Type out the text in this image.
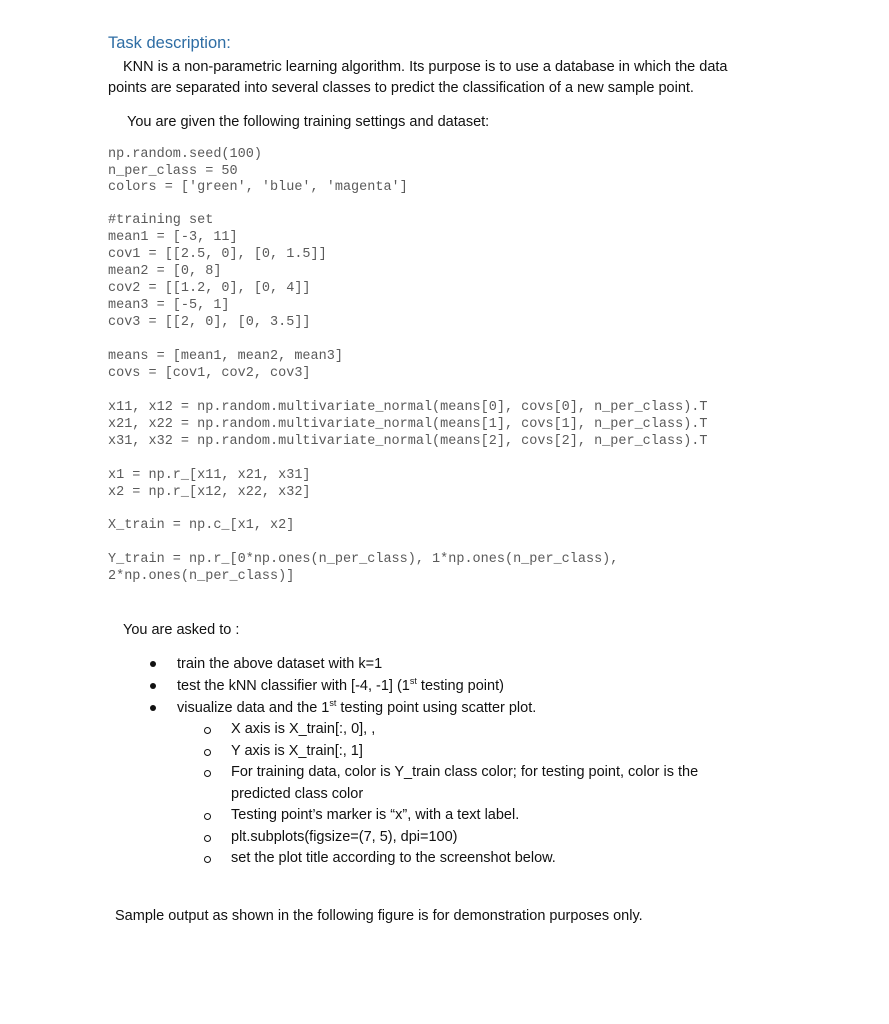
Task description:
KNN is a non-parametric learning algorithm. Its purpose is to use a database in which the data
points are separated into several classes to predict the classification of a new sample point.
You are given the following training settings and dataset:
np.random.seed(100)
n_per_class = 50
colors = ['green', 'blue', 'magenta']
#training set
mean1 = [-3, 11]
cov1 = [[2.5, 0], [0, 1.5]]
mean2 = [0, 8]
cov2 = [[1.2, 0], [0, 4]]
mean3 = [-5, 1]
cov3 = [[2, 0], [0, 3.5]]
means = [mean1, mean2, mean3]
covs = [cov1, cov2, cov3]
x11, x12 = np.random.multivariate_normal(means[0], covs[0], n_per_class).T
x21, x22 = np.random.multivariate_normal(means[1], covs[1], n_per_class).T
x31, x32 = np.random.multivariate_normal(means[2], covs[2], n_per_class).T
x1 = np.r_[x11, x21, x31]
x2 = np.r_[x12, x22, x32]
X_train = np.c_[x1, x2]
Y_train = np.r_[0*np.ones(n_per_class), 1*np.ones(n_per_class),
2*np.ones(n_per_class)]
You are asked to :
train the above dataset with k=1
test the kNN classifier with [-4, -1] (1st testing point)
visualize data and the 1st testing point using scatter plot.
X axis is X_train[:, 0], ,
Y axis is X_train[:, 1]
For training data, color is Y_train class color; for testing point, color is the predicted class color
Testing point’s marker is “x”, with a text label.
plt.subplots(figsize=(7, 5), dpi=100)
set the plot title according to the screenshot below.
Sample output as shown in the following figure is for demonstration purposes only.
